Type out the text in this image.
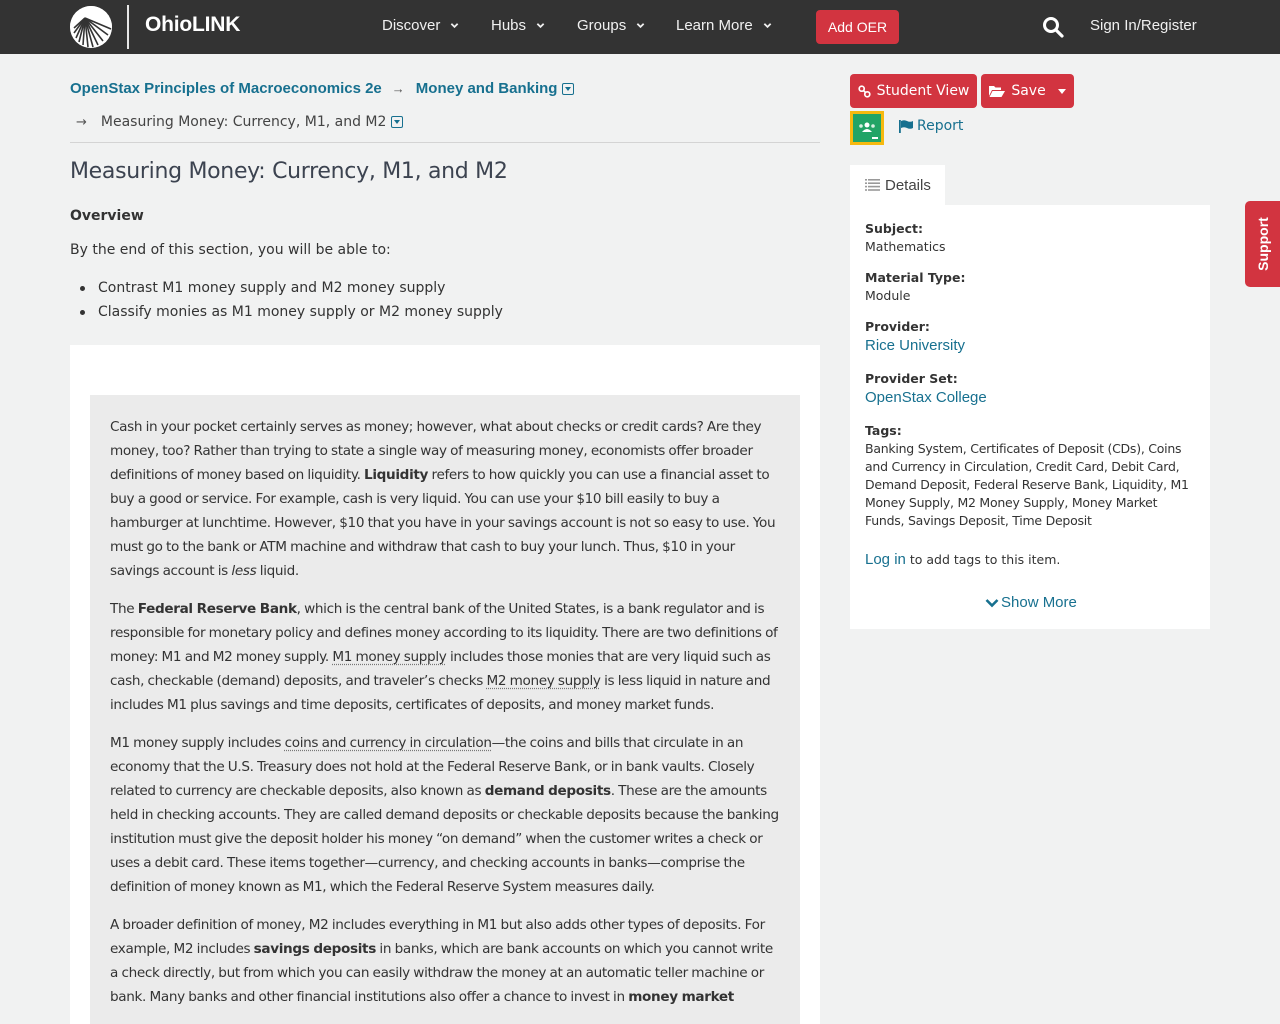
OhioLINK	Discover	Hubs	Groups	Learn More	Add OER	Sign In/Register
OpenStax Principles of Macroeconomics 2e → Money and Banking
→ Measuring Money: Currency, M1, and M2
Measuring Money: Currency, M1, and M2
Overview

By the end of this section, you will be able to:

Contrast M1 money supply and M2 money supply
Classify monies as M1 money supply or M2 money supply

Cash in your pocket certainly serves as money; however, what about checks or credit cards? Are they money, too? Rather than trying to state a single way of measuring money, economists offer broader definitions of money based on liquidity. Liquidity refers to how quickly you can use a financial asset to buy a good or service. For example, cash is very liquid. You can use your $10 bill easily to buy a hamburger at lunchtime. However, $10 that you have in your savings account is not so easy to use. You must go to the bank or ATM machine and withdraw that cash to buy your lunch. Thus, $10 in your savings account is less liquid.

The Federal Reserve Bank, which is the central bank of the United States, is a bank regulator and is responsible for monetary policy and defines money according to its liquidity. There are two definitions of money: M1 and M2 money supply. M1 money supply includes those monies that are very liquid such as cash, checkable (demand) deposits, and traveler’s checks M2 money supply is less liquid in nature and includes M1 plus savings and time deposits, certificates of deposits, and money market funds.

M1 money supply includes coins and currency in circulation—the coins and bills that circulate in an economy that the U.S. Treasury does not hold at the Federal Reserve Bank, or in bank vaults. Closely related to currency are checkable deposits, also known as demand deposits. These are the amounts held in checking accounts. They are called demand deposits or checkable deposits because the banking institution must give the deposit holder his money “on demand” when the customer writes a check or uses a debit card. These items together—currency, and checking accounts in banks—comprise the definition of money known as M1, which the Federal Reserve System measures daily.

A broader definition of money, M2 includes everything in M1 but also adds other types of deposits. For example, M2 includes savings deposits in banks, which are bank accounts on which you cannot write a check directly, but from which you can easily withdraw the money at an automatic teller machine or bank. Many banks and other financial institutions also offer a chance to invest in money market

Student View	Save
Report
Details
Subject:
Mathematics
Material Type:
Module
Provider:
Rice University
Provider Set:
OpenStax College
Tags:
Banking System, Certificates of Deposit (CDs), Coins and Currency in Circulation, Credit Card, Debit Card, Demand Deposit, Federal Reserve Bank, Liquidity, M1 Money Supply, M2 Money Supply, Money Market Funds, Savings Deposit, Time Deposit
Log in to add tags to this item.
Show More
Support
